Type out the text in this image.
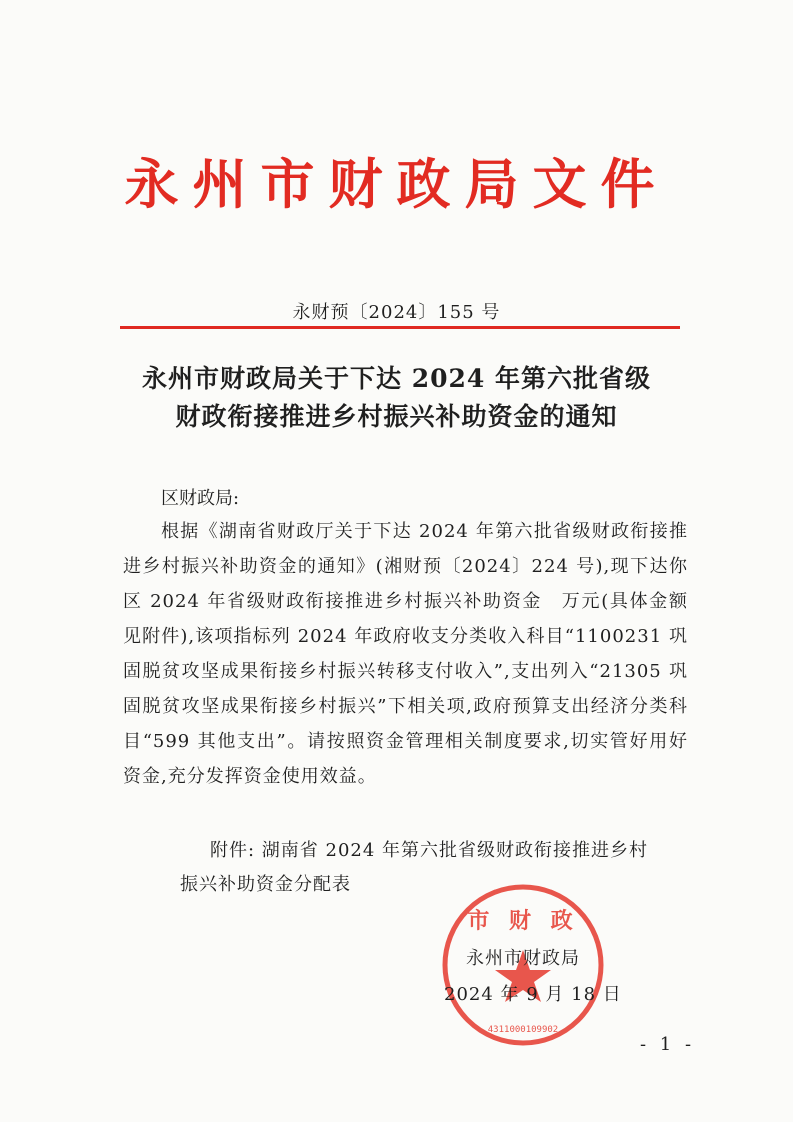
永州市财政局文件
永财预〔2024〕155 号
永州市财政局关于下达 2024 年第六批省级
财政衔接推进乡村振兴补助资金的通知
区财政局:
根据《湖南省财政厅关于下达 2024 年第六批省级财政衔接推进乡村振兴补助资金的通知》(湘财预〔2024〕224 号),现下达你区 2024 年省级财政衔接推进乡村振兴补助资金　万元(具体金额见附件),该项指标列 2024 年政府收支分类收入科目“1100231 巩固脱贫攻坚成果衔接乡村振兴转移支付收入”,支出列入“21305 巩固脱贫攻坚成果衔接乡村振兴”下相关项,政府预算支出经济分类科目“599 其他支出”。请按照资金管理相关制度要求,切实管好用好资金,充分发挥资金使用效益。
附件: 湖南省 2024 年第六批省级财政衔接推进乡村
振兴补助资金分配表
市 财 政
4311000109902
永州市财政局
2024 年 9 月 18 日
- 1 -
